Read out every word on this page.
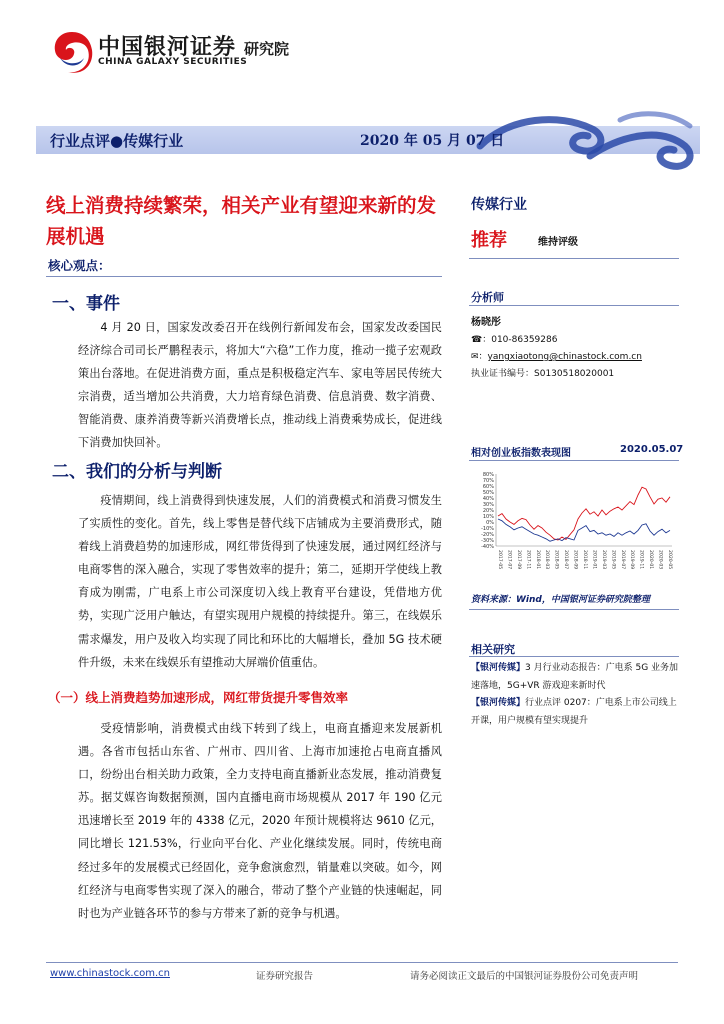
中国银河证券
CHINA GALAXY SECURITIES
研究院
行业点评●传媒行业	2020 年 05 月 07 日
线上消费持续繁荣，相关产业有望迎来新的发展机遇
核心观点：
一、事件

4 月 20 日，国家发改委召开在线例行新闻发布会，国家发改委国民经济综合司司长严鹏程表示，将加大“六稳”工作力度，推动一揽子宏观政策出台落地。在促进消费方面，重点是积极稳定汽车、家电等居民传统大宗消费，适当增加公共消费，大力培育绿色消费、信息消费、数字消费、智能消费、康养消费等新兴消费增长点，推动线上消费乘势成长，促进线下消费加快回补。

二、我们的分析与判断

疫情期间，线上消费得到快速发展，人们的消费模式和消费习惯发生了实质性的变化。首先，线上零售是替代线下店铺成为主要消费形式，随着线上消费趋势的加速形成，网红带货得到了快速发展，通过网红经济与电商零售的深入融合，实现了零售效率的提升；第二，延期开学使线上教育成为刚需，广电系上市公司深度切入线上教育平台建设，凭借地方优势，实现广泛用户触达，有望实现用户规模的持续提升。第三，在线娱乐需求爆发，用户及收入均实现了同比和环比的大幅增长，叠加 5G 技术硬件升级，未来在线娱乐有望推动大屏端价值重估。

（一）线上消费趋势加速形成，网红带货提升零售效率

受疫情影响，消费模式由线下转到了线上，电商直播迎来发展新机遇。各省市包括山东省、广州市、四川省、上海市加速抢占电商直播风口，纷纷出台相关助力政策，全力支持电商直播新业态发展，推动消费复苏。据艾媒咨询数据预测，国内直播电商市场规模从 2017 年 190 亿元迅速增长至 2019 年的 4338 亿元，2020 年预计规模将达 9610 亿元，同比增长 121.53%，行业向平台化、产业化继续发展。同时，传统电商经过多年的发展模式已经固化，竞争愈演愈烈，销量难以突破。如今，网红经济与电商零售实现了深入的融合，带动了整个产业链的快速崛起，同时也为产业链各环节的参与方带来了新的竞争与机遇。

传媒行业
推荐	维持评级
分析师
杨晓彤
☎：010-86359286
✉：yangxiaotong@chinastock.com.cn
执业证书编号：S0130518020001
相对创业板指数表现图	2020.05.07
80%
70%
60%
50%
40%
30%
20%
10%
0%
-10%
-20%
-30%
-40%
2017-05 2017-07 2017-09 2017-11 2018-01 2018-03 2018-05 2018-07 2018-09 2018-11 2019-01 2019-03 2019-05 2019-07 2019-09 2019-11 2020-01 2020-03 2020-05
资料来源：Wind，中国银河证券研究院整理
相关研究

【银河传媒】3 月行业动态报告：广电系 5G 业务加速落地，5G+VR 游戏迎来新时代

【银河传媒】行业点评 0207：广电系上市公司线上开课，用户规模有望实现提升

www.chinastock.com.cn	证券研究报告	请务必阅读正文最后的中国银河证券股份公司免责声明
